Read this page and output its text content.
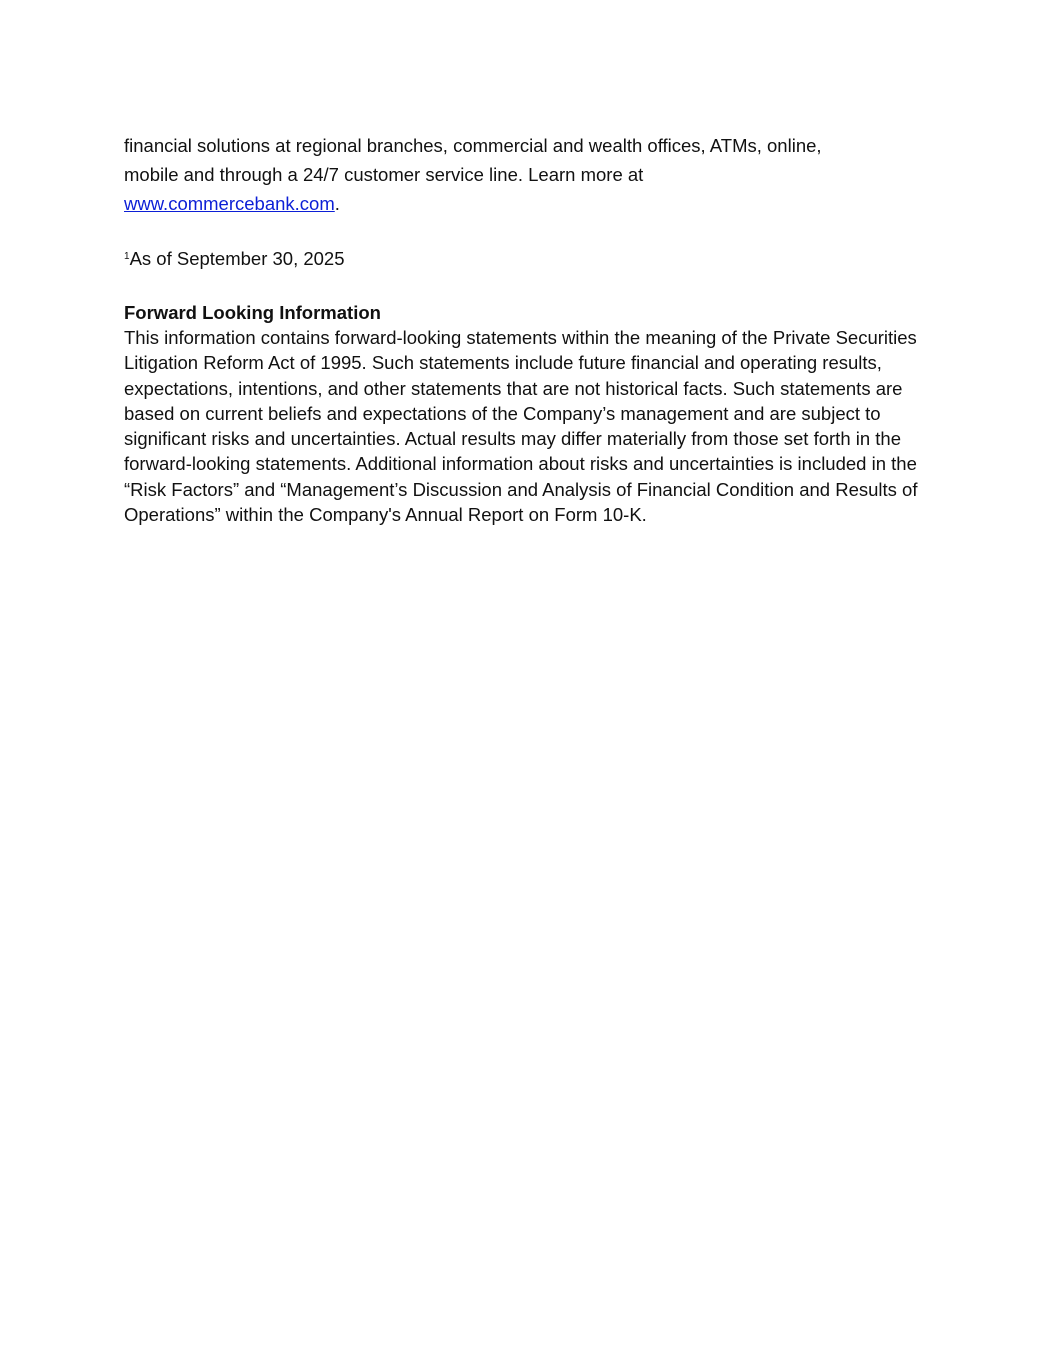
financial solutions at regional branches, commercial and wealth offices, ATMs, online,
mobile and through a 24/7 customer service line. Learn more at
www.commercebank.com.

$^1$As of September 30, 2025

Forward Looking Information

This information contains forward-looking statements within the meaning of the Private Securities Litigation Reform Act of 1995. Such statements include future financial and operating results, expectations, intentions, and other statements that are not historical facts. Such statements are based on current beliefs and expectations of the Company’s management and are subject to significant risks and uncertainties. Actual results may differ materially from those set forth in the forward-looking statements. Additional information about risks and uncertainties is included in the “Risk Factors” and “Management’s Discussion and Analysis of Financial Condition and Results of Operations” within the Company's Annual Report on Form 10-K.
